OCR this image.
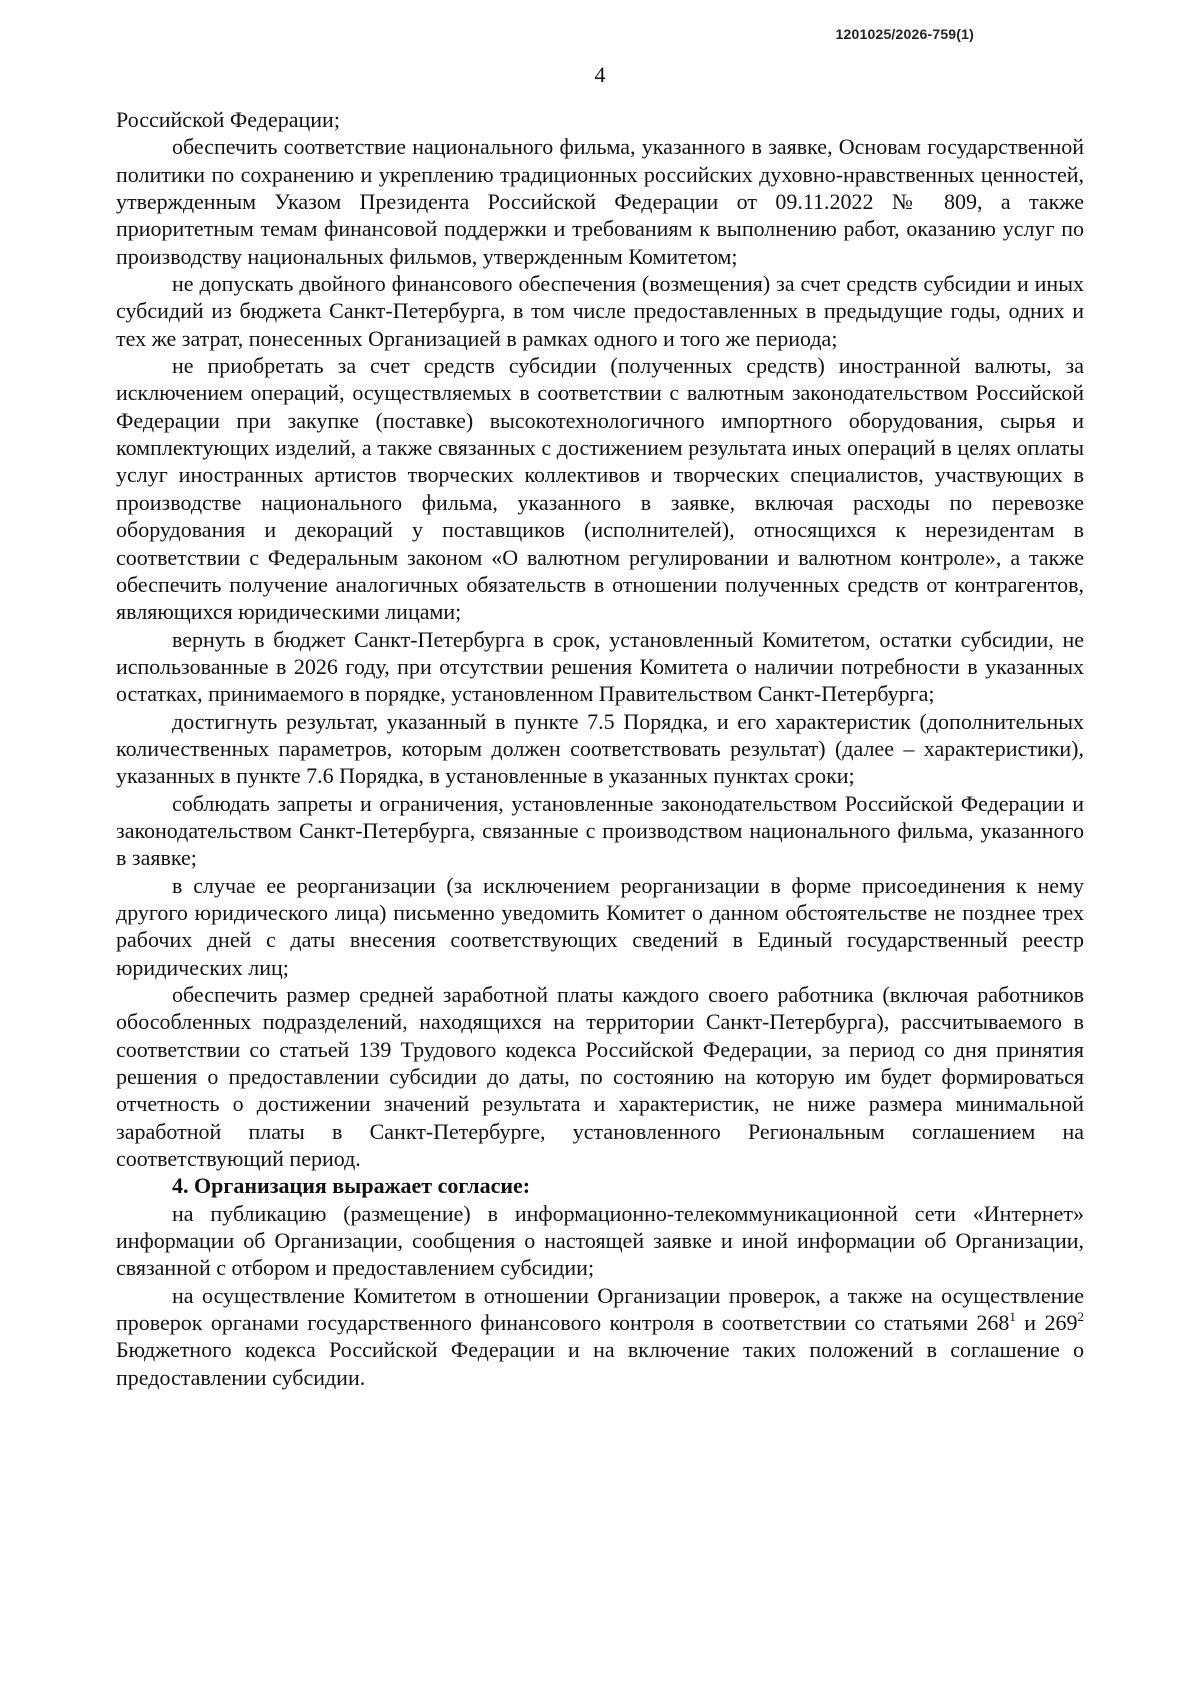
1201025/2026-759(1)
4

Российской Федерации;

обеспечить соответствие национального фильма, указанного в заявке, Основам государственной политики по сохранению и укреплению традиционных российских духовно-нравственных ценностей, утвержденным Указом Президента Российской Федерации от 09.11.2022 № 809, а также приоритетным темам финансовой поддержки и требованиям к выполнению работ, оказанию услуг по производству национальных фильмов, утвержденным Комитетом;

не допускать двойного финансового обеспечения (возмещения) за счет средств субсидии и иных субсидий из бюджета Санкт-Петербурга, в том числе предоставленных в предыдущие годы, одних и тех же затрат, понесенных Организацией в рамках одного и того же периода;

не приобретать за счет средств субсидии (полученных средств) иностранной валюты, за исключением операций, осуществляемых в соответствии с валютным законодательством Российской Федерации при закупке (поставке) высокотехнологичного импортного оборудования, сырья и комплектующих изделий, а также связанных с достижением результата иных операций в целях оплаты услуг иностранных артистов творческих коллективов и творческих специалистов, участвующих в производстве национального фильма, указанного в заявке, включая расходы по перевозке оборудования и декораций у поставщиков (исполнителей), относящихся к нерезидентам в соответствии с Федеральным законом «О валютном регулировании и валютном контроле», а также обеспечить получение аналогичных обязательств в отношении полученных средств от контрагентов, являющихся юридическими лицами;

вернуть в бюджет Санкт-Петербурга в срок, установленный Комитетом, остатки субсидии, не использованные в 2026 году, при отсутствии решения Комитета о наличии потребности в указанных остатках, принимаемого в порядке, установленном Правительством Санкт-Петербурга;

достигнуть результат, указанный в пункте 7.5 Порядка, и его характеристик (дополнительных количественных параметров, которым должен соответствовать результат) (далее – характеристики), указанных в пункте 7.6 Порядка, в установленные в указанных пунктах сроки;

соблюдать запреты и ограничения, установленные законодательством Российской Федерации и законодательством Санкт-Петербурга, связанные с производством национального фильма, указанного в заявке;

в случае ее реорганизации (за исключением реорганизации в форме присоединения к нему другого юридического лица) письменно уведомить Комитет о данном обстоятельстве не позднее трех рабочих дней с даты внесения соответствующих сведений в Единый государственный реестр юридических лиц;

обеспечить размер средней заработной платы каждого своего работника (включая работников обособленных подразделений, находящихся на территории Санкт-Петербурга), рассчитываемого в соответствии со статьей 139 Трудового кодекса Российской Федерации, за период со дня принятия решения о предоставлении субсидии до даты, по состоянию на которую им будет формироваться отчетность о достижении значений результата и характеристик, не ниже размера минимальной заработной платы в Санкт-Петербурге, установленного Региональным соглашением на соответствующий период.

4. Организация выражает согласие:

на публикацию (размещение) в информационно-телекоммуникационной сети «Интернет» информации об Организации, сообщения о настоящей заявке и иной информации об Организации, связанной с отбором и предоставлением субсидии;

на осуществление Комитетом в отношении Организации проверок, а также на осуществление проверок органами государственного финансового контроля в соответствии со статьями $268^1$ и $269^2$ Бюджетного кодекса Российской Федерации и на включение таких положений в соглашение о предоставлении субсидии.
